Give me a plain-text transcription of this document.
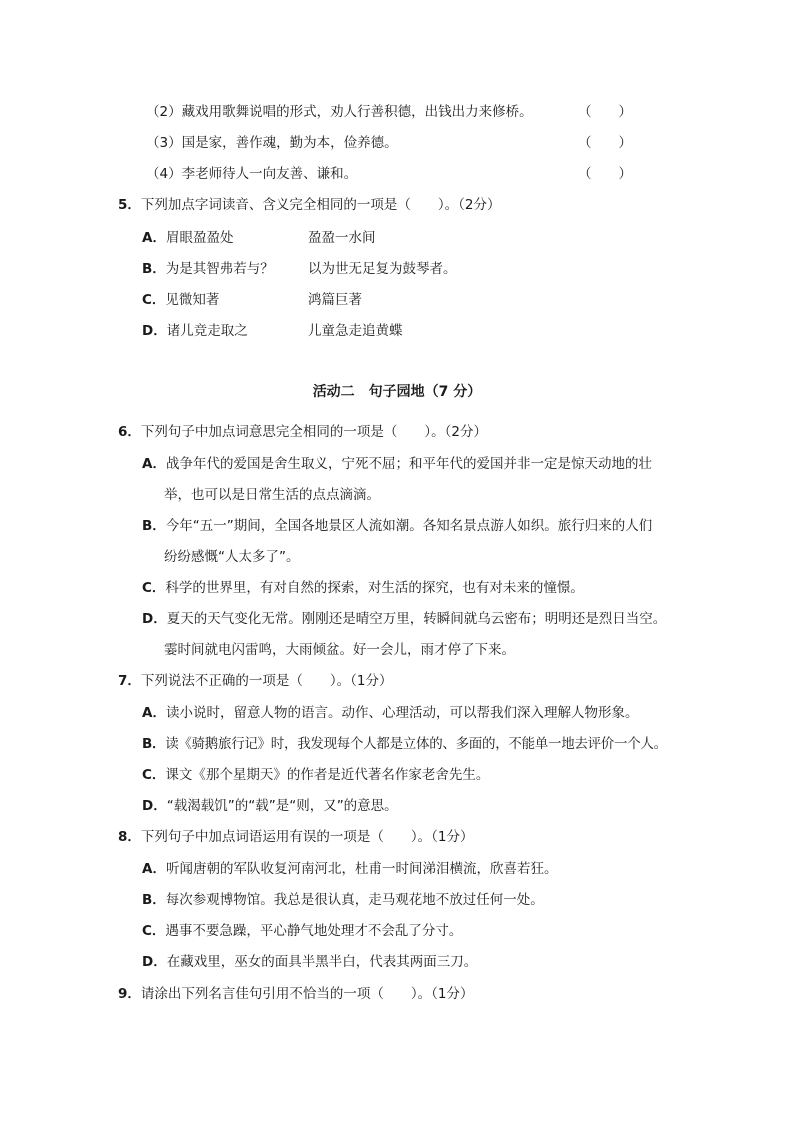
（2）藏戏用歌舞说唱的形式，劝人行善积德，出钱出力来修桥。	（　　）
（3）国是家，善作魂，勤为本，俭养德。	（　　）
（4）李老师待人一向友善、谦和。	（　　）
5．下列加点字词读音、含义完全相同的一项是（　　）。（2分）
A．眉眼盈盈处	盈盈一水间
B．为是其智弗若与？	以为世无足复为鼓琴者。
C．见微知著	鸿篇巨著
D．诸儿竞走取之	儿童急走追黄蝶
活动二　句子园地（7 分）
6．下列句子中加点词意思完全相同的一项是（　　）。（2分）
A．战争年代的爱国是舍生取义，宁死不屈；和平年代的爱国并非一定是惊天动地的壮
举，也可以是日常生活的点点滴滴。
B．今年“五一”期间，全国各地景区人流如潮。各知名景点游人如织。旅行归来的人们
纷纷感慨“人太多了”。
C．科学的世界里，有对自然的探索，对生活的探究，也有对未来的憧憬。
D．夏天的天气变化无常。刚刚还是晴空万里，转瞬间就乌云密布；明明还是烈日当空。
霎时间就电闪雷鸣，大雨倾盆。好一会儿，雨才停了下来。
7．下列说法不正确的一项是（　　）。（1分）
A．读小说时，留意人物的语言。动作、心理活动，可以帮我们深入理解人物形象。
B．读《骑鹅旅行记》时，我发现每个人都是立体的、多面的，不能单一地去评价一个人。
C．课文《那个星期天》的作者是近代著名作家老舍先生。
D．“载渴载饥”的“载”是“则，又”的意思。
8．下列句子中加点词语运用有误的一项是（　　）。（1分）
A．听闻唐朝的军队收复河南河北，杜甫一时间涕泪横流，欣喜若狂。
B．每次参观博物馆。我总是很认真，走马观花地不放过任何一处。
C．遇事不要急躁，平心静气地处理才不会乱了分寸。
D．在藏戏里，巫女的面具半黑半白，代表其两面三刀。
9．请涂出下列名言佳句引用不恰当的一项（　　）。（1分）
